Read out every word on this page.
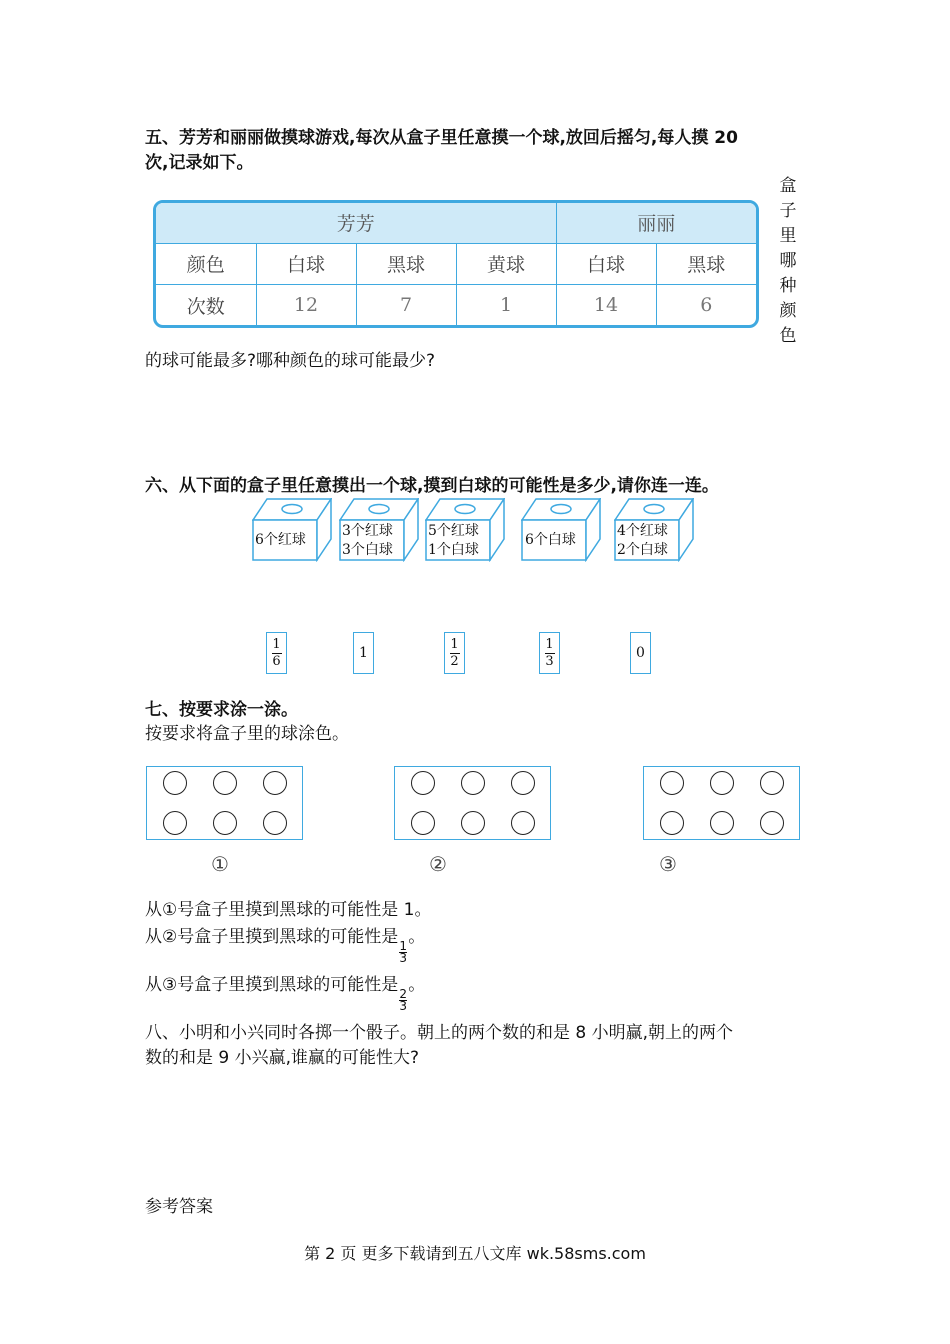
五、芳芳和丽丽做摸球游戏,每次从盒子里任意摸一个球,放回后摇匀,每人摸 20
次,记录如下。
芳芳				丽丽	
颜色	白球	黑球	黄球	白球	黑球
次数	12	7	1	14	6
盒
子
里
哪
种
颜
色
的球可能最多?哪种颜色的球可能最少?
六、从下面的盒子里任意摸出一个球,摸到白球的可能性是多少,请你连一连。
6个红球
3个红球
3个白球
5个红球
1个白球
6个白球
4个红球
2个白球
$\frac{1}{6}$	1	$\frac{1}{2}$	$\frac{1}{3}$	0
七、按要求涂一涂。
按要求将盒子里的球涂色。
①	②	③
从①号盒子里摸到黑球的可能性是 1。
从②号盒子里摸到黑球的可能性是
$\frac{1}{3}$
。
从③号盒子里摸到黑球的可能性是
$\frac{2}{3}$
。
八、小明和小兴同时各掷一个骰子。朝上的两个数的和是 8 小明赢,朝上的两个
数的和是 9 小兴赢,谁赢的可能性大?
参考答案
第 2 页 更多下载请到五八文库 wk.58sms.com
